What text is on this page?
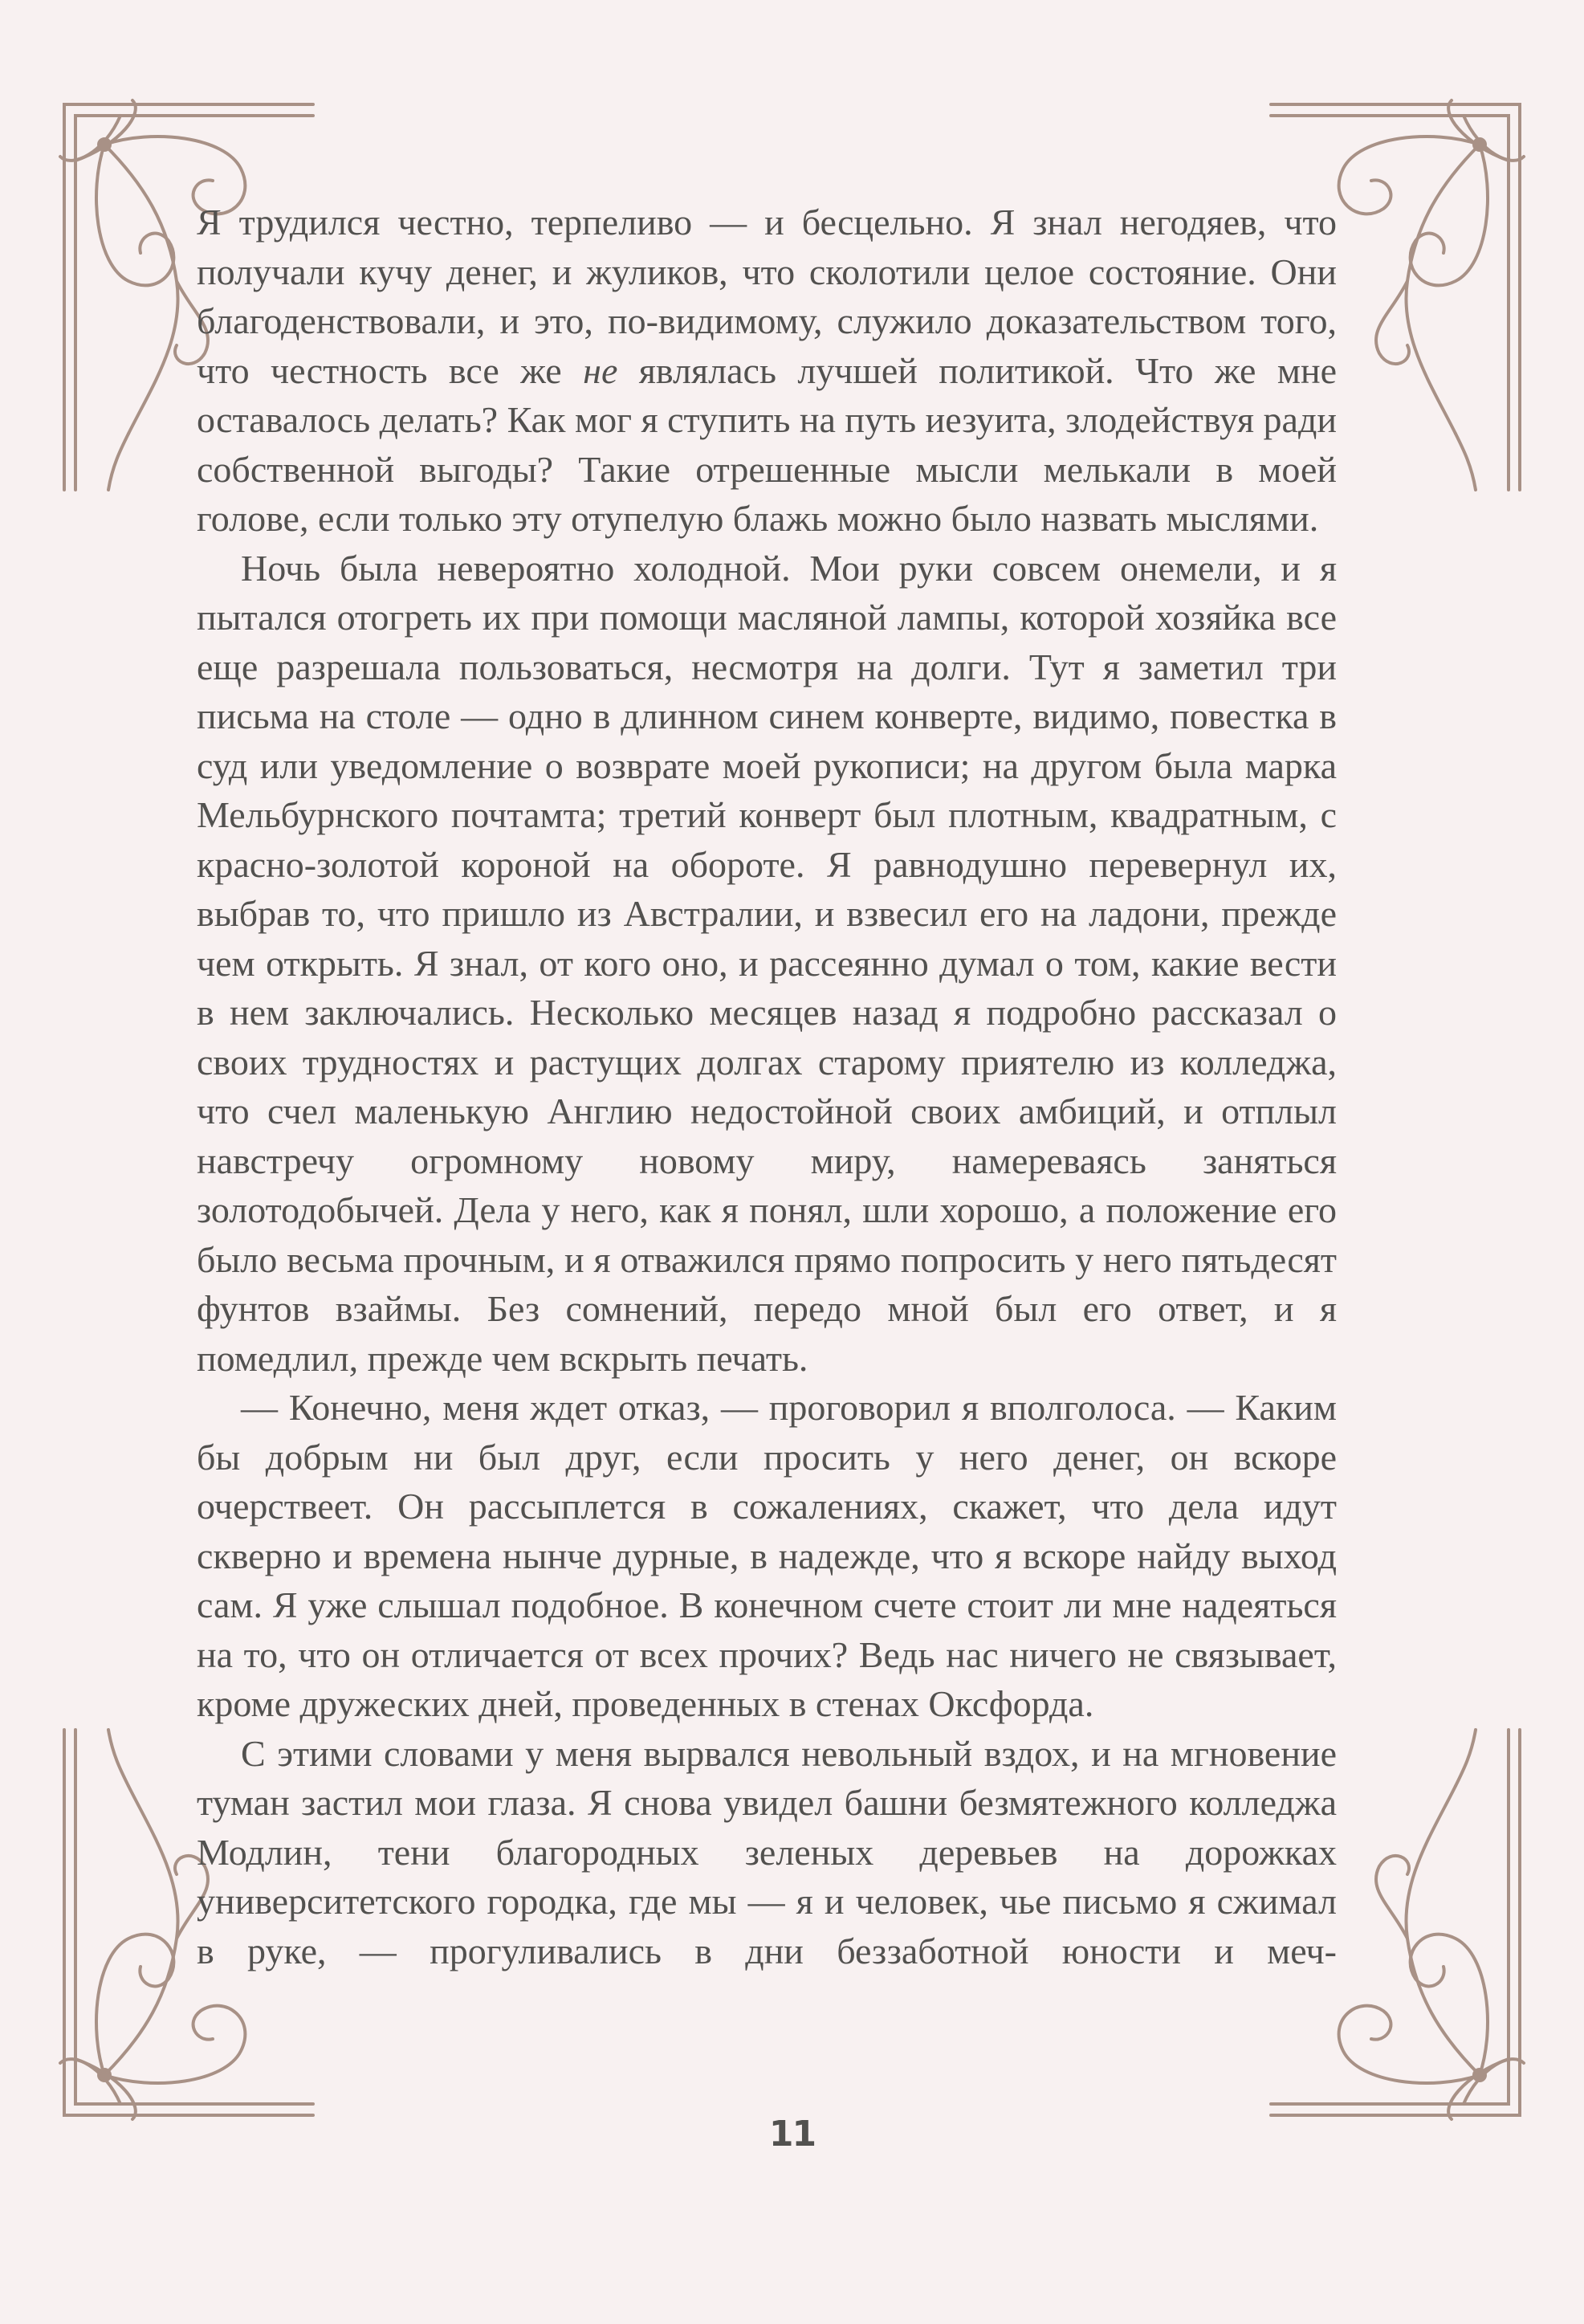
Я трудился честно, терпеливо — и бесцельно. Я знал негодяев, что получали кучу денег, и жуликов, что сколотили целое состояние. Они благоденствовали, и это, по-видимому, служило доказательством того, что честность все же не являлась лучшей политикой. Что же мне оставалось делать? Как мог я ступить на путь иезуита, злодействуя ради собственной выгоды? Такие отрешенные мысли мелькали в моей голове, если только эту отупелую блажь можно было назвать мыслями.

Ночь была невероятно холодной. Мои руки совсем онемели, и я пытался отогреть их при помощи масляной лампы, которой хозяйка все еще разрешала пользоваться, несмотря на долги. Тут я заметил три письма на столе — одно в длинном синем конверте, видимо, повестка в суд или уведомление о возврате моей рукописи; на другом была марка Мельбурнского почтамта; третий конверт был плотным, квадратным, с красно-золотой короной на обороте. Я равнодушно перевернул их, выбрав то, что пришло из Австралии, и взвесил его на ладони, прежде чем открыть. Я знал, от кого оно, и рассеянно думал о том, какие вести в нем заключались. Несколько месяцев назад я подробно рассказал о своих трудностях и растущих долгах старому приятелю из колледжа, что счел маленькую Англию недостойной своих амбиций, и отплыл навстречу огромному новому миру, намереваясь заняться золотодобычей. Дела у него, как я понял, шли хорошо, а положение его было весьма прочным, и я отважился прямо попросить у него пятьдесят фунтов взаймы. Без сомнений, передо мной был его ответ, и я помедлил, прежде чем вскрыть печать.

— Конечно, меня ждет отказ, — проговорил я вполголоса. — Каким бы добрым ни был друг, если просить у него денег, он вскоре очерствеет. Он рассыплется в сожалениях, скажет, что дела идут скверно и времена нынче дурные, в надежде, что я вскоре найду выход сам. Я уже слышал подобное. В конечном счете стоит ли мне надеяться на то, что он отличается от всех прочих? Ведь нас ничего не связывает, кроме дружеских дней, проведенных в стенах Оксфорда.

С этими словами у меня вырвался невольный вздох, и на мгновение туман застил мои глаза. Я снова увидел башни безмятежного колледжа Модлин, тени благородных зеленых деревьев на дорожках университетского городка, где мы — я и человек, чье письмо я сжимал в руке, — прогуливались в дни беззаботной юности и меч-

11
